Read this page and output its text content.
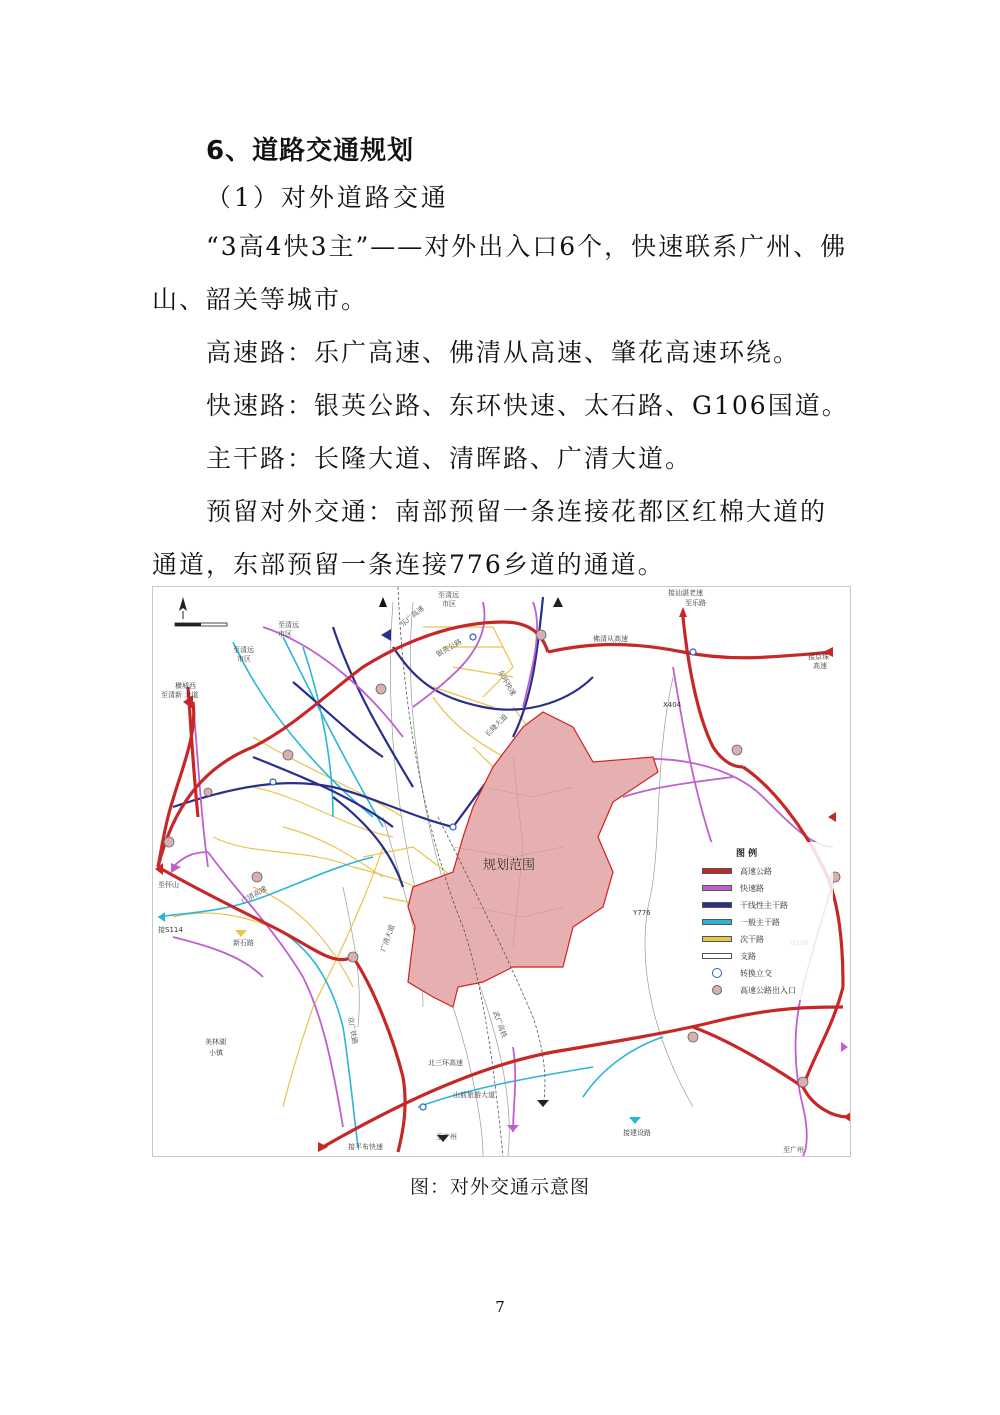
6、道路交通规划
（1）对外道路交通

“3高4快3主”——对外出入口6个，快速联系广州、佛山、韶关等城市。

高速路：乐广高速、佛清从高速、肇花高速环绕。

快速路：银英公路、东环快速、太石路、G106国道。

主干路：长隆大道、清晖路、广清大道。

预留对外交通：南部预留一条连接花都区红棉大道的通道，东部预留一条连接776乡道的通道。

规划范围
至清远
市区
至清远
市区
至清远
市区
接汕湛老速
至乐路
佛清从高速
接京珠
高速
横城西
至清新 大道
至怀山
接S114
新石路
美林湖
小镇
X404
Y776
北三环高速
山前旅游大道
接建设路
至广州
接平布快速	至广州
广清高速
乐广高速
银英公路
东环快速
长隆大道
广清大道
京广铁路	武广高铁
图 例
高速公路
快速路
干线性主干路
一般主干路
次干路
支路
转换立交
高速公路出入口
图：对外交通示意图
7
